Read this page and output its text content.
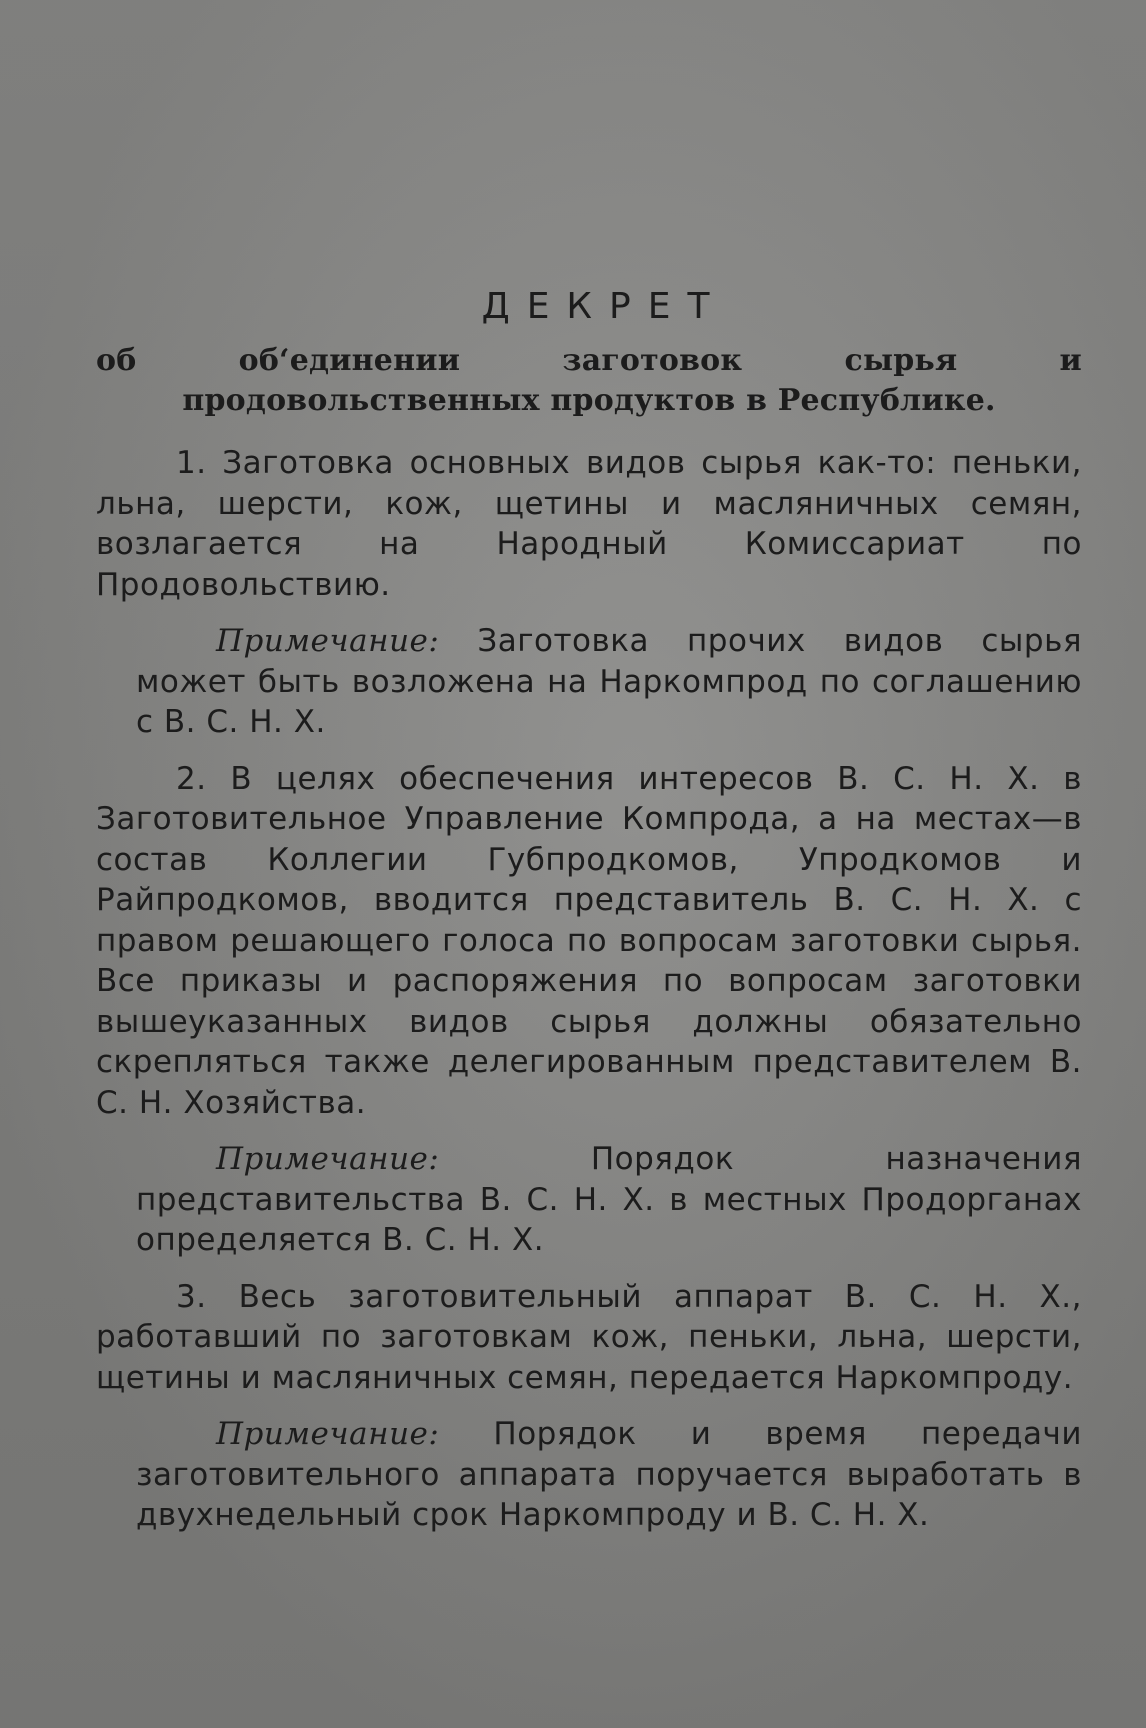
ДЕКРЕТ

об об‘единении заготовок сырья и продовольственных продуктов в Республике.

1. Заготовка основных видов сырья как-то: пеньки, льна, шерсти, кож, щетины и масляничных семян, возлагается на Народный Комиссариат по Продовольствию.

Примечание: Заготовка прочих видов сырья может быть возложена на Наркомпрод по соглашению с В. С. Н. Х.

2. В целях обеспечения интересов В. С. Н. Х. в Заготовительное Управление Компрода, а на местах—в состав Коллегии Губпродкомов, Упродкомов и Райпродкомов, вводится представитель В. С. Н. Х. с правом решающего голоса по вопросам заготовки сырья. Все приказы и распоряжения по вопросам заготовки вышеуказанных видов сырья должны обязательно скрепляться также делегированным представителем В. С. Н. Хозяйства.

Примечание: Порядок назначения представительства В. С. Н. Х. в местных Продорганах определяется В. С. Н. Х.

3. Весь заготовительный аппарат В. С. Н. Х., работавший по заготовкам кож, пеньки, льна, шерсти, щетины и масляничных семян, передается Наркомпроду.

Примечание: Порядок и время передачи заготовительного аппарата поручается выработать в двухнедельный срок Наркомпроду и В. С. Н. Х.
